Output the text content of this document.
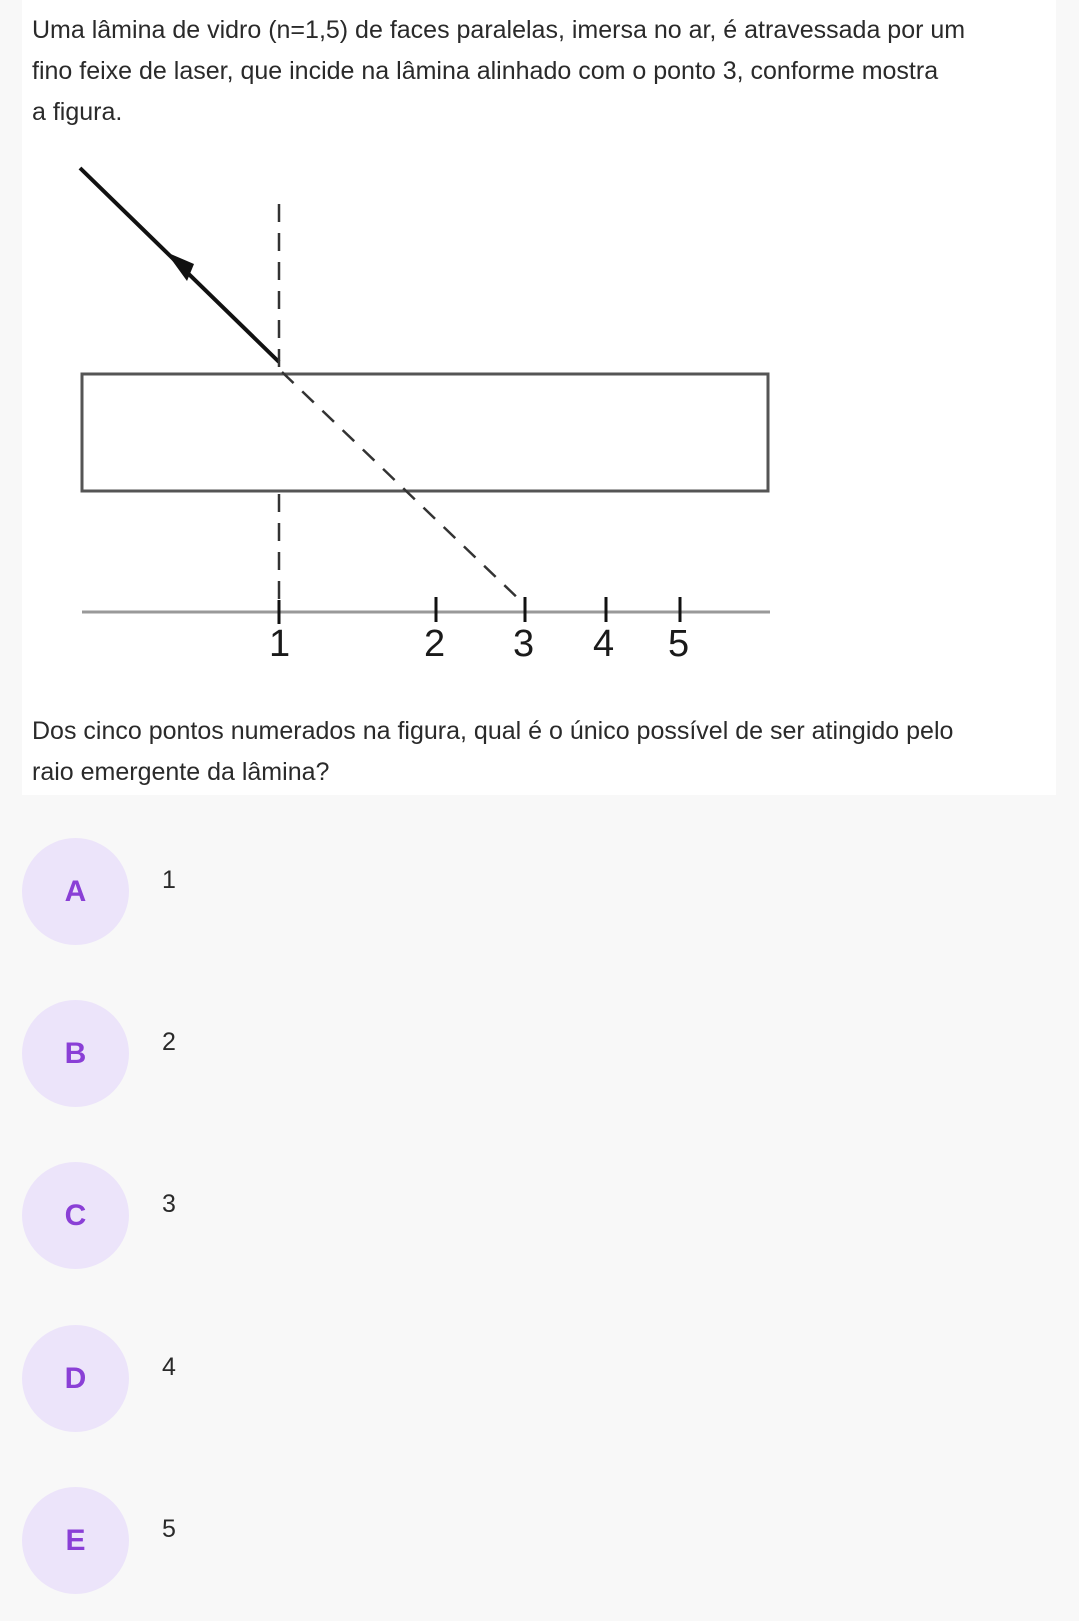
Uma lâmina de vidro (n=1,5) de faces paralelas, imersa no ar, é atravessada por um
fino feixe de laser, que incide na lâmina alinhado com o ponto 3, conforme mostra
a figura.

1	2 3 4 5

Dos cinco pontos numerados na figura, qual é o único possível de ser atingido pelo
raio emergente da lâmina?

A	1
B	2
C	3
D	4
E	5
